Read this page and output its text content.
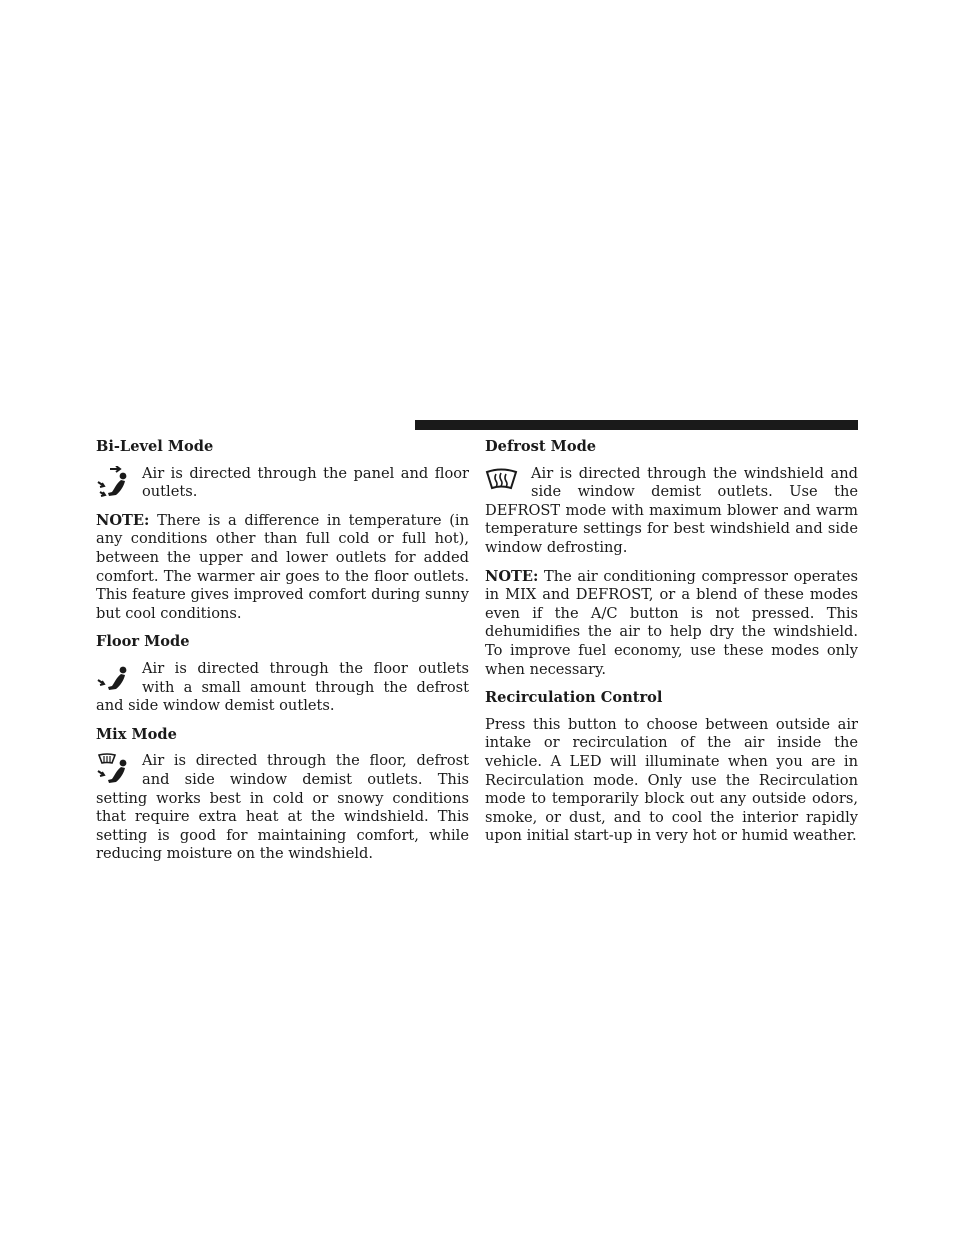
Bi-Level Mode

Air is directed through the panel and floor outlets.

NOTE: There is a difference in temperature (in any conditions other than full cold or full hot), between the upper and lower outlets for added comfort. The warmer air goes to the floor outlets. This feature gives improved comfort during sunny but cool conditions.

Floor Mode

Air is directed through the floor outlets with a small amount through the defrost and side window demist outlets.

Mix Mode

Air is directed through the floor, defrost and side window demist outlets. This setting works best in cold or snowy conditions that require extra heat at the windshield. This setting is good for maintaining comfort, while reducing moisture on the windshield.

Defrost Mode

Air is directed through the windshield and side window demist outlets. Use the DEFROST mode with maximum blower and warm temperature settings for best windshield and side window defrosting.

NOTE: The air conditioning compressor operates in MIX and DEFROST, or a blend of these modes even if the A/C button is not pressed. This dehumidifies the air to help dry the windshield. To improve fuel economy, use these modes only when necessary.

Recirculation Control

Press this button to choose between outside air intake or recirculation of the air inside the vehicle. A LED will illuminate when you are in Recirculation mode. Only use the Recirculation mode to temporarily block out any outside odors, smoke, or dust, and to cool the interior rapidly upon initial start-up in very hot or humid weather.
